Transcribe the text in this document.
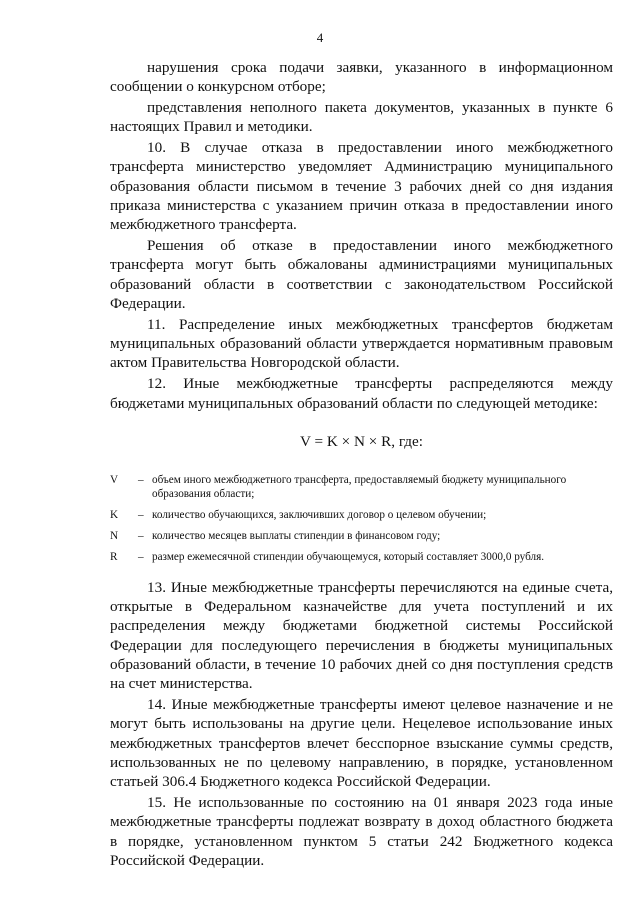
4

нарушения срока подачи заявки, указанного в информационном сообщении о конкурсном отборе;

представления неполного пакета документов, указанных в пункте 6 настоящих Правил и методики.

10. В случае отказа в предоставлении иного межбюджетного трансферта министерство уведомляет Администрацию муниципального образования области письмом в течение 3 рабочих дней со дня издания приказа министерства с указанием причин отказа в предоставлении иного межбюджетного трансферта.

Решения об отказе в предоставлении иного межбюджетного трансферта могут быть обжалованы администрациями муниципальных образований области в соответствии с законодательством Российской Федерации.

11. Распределение иных межбюджетных трансфертов бюджетам муниципальных образований области утверждается нормативным правовым актом Правительства Новгородской области.

12. Иные межбюджетные трансферты распределяются между бюджетами муниципальных образований области по следующей методике:

V = K × N × R, где:
V	– объем иного межбюджетного трансферта, предоставляемый бюджету муниципального образования области;
K	– количество обучающихся, заключивших договор о целевом обучении;
N	– количество месяцев выплаты стипендии в финансовом году;
R	– размер ежемесячной стипендии обучающемуся, который составляет 3000,0 рубля.

13. Иные межбюджетные трансферты перечисляются на единые счета, открытые в Федеральном казначействе для учета поступлений и их распределения между бюджетами бюджетной системы Российской Федерации для последующего перечисления в бюджеты муниципальных образований области, в течение 10 рабочих дней со дня поступления средств на счет министерства.

14. Иные межбюджетные трансферты имеют целевое назначение и не могут быть использованы на другие цели. Нецелевое использование иных межбюджетных трансфертов влечет бесспорное взыскание суммы средств, использованных не по целевому направлению, в порядке, установленном статьей 306.4 Бюджетного кодекса Российской Федерации.

15. Не использованные по состоянию на 01 января 2023 года иные межбюджетные трансферты подлежат возврату в доход областного бюджета в порядке, установленном пунктом 5 статьи 242 Бюджетного кодекса Российской Федерации.
